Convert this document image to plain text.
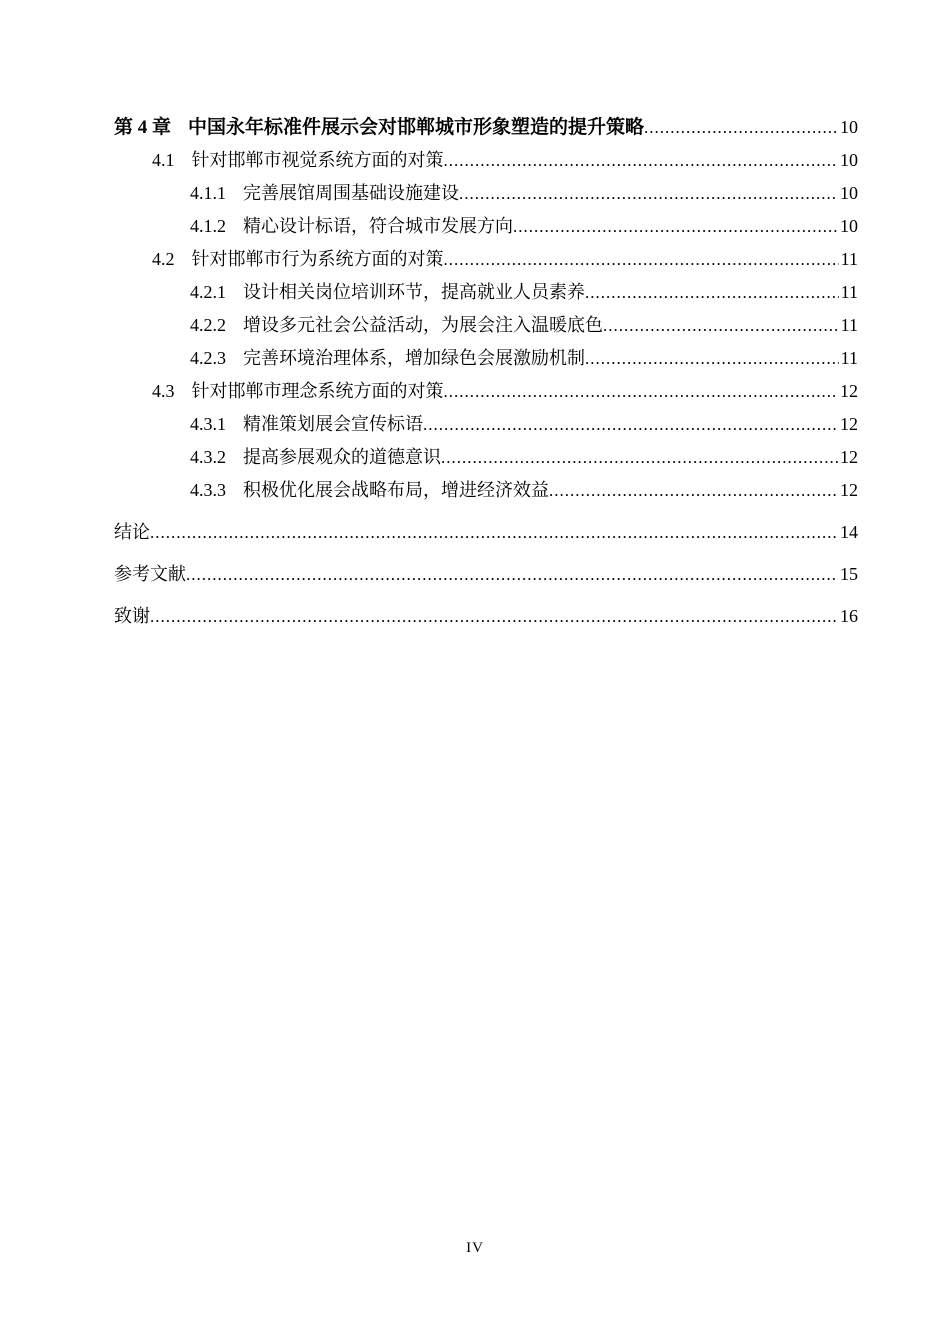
第 4 章 中国永年标准件展示会对邯郸城市形象塑造的提升策略 .....	10
4.1 针对邯郸市视觉系统方面的对策 .....	10
4.1.1 完善展馆周围基础设施建设 .....	10
4.1.2 精心设计标语，符合城市发展方向 .....	10
4.2 针对邯郸市行为系统方面的对策 .....	11
4.2.1 设计相关岗位培训环节，提高就业人员素养 .....	11
4.2.2 增设多元社会公益活动，为展会注入温暖底色 .....	11
4.2.3 完善环境治理体系，增加绿色会展激励机制 .....	11
4.3 针对邯郸市理念系统方面的对策 .....	12
4.3.1 精准策划展会宣传标语 .....	12
4.3.2 提高参展观众的道德意识 .....	12
4.3.3 积极优化展会战略布局，增进经济效益 .....	12
结论 .....	14
参考文献 .....	15
致谢 .....	16
IV
